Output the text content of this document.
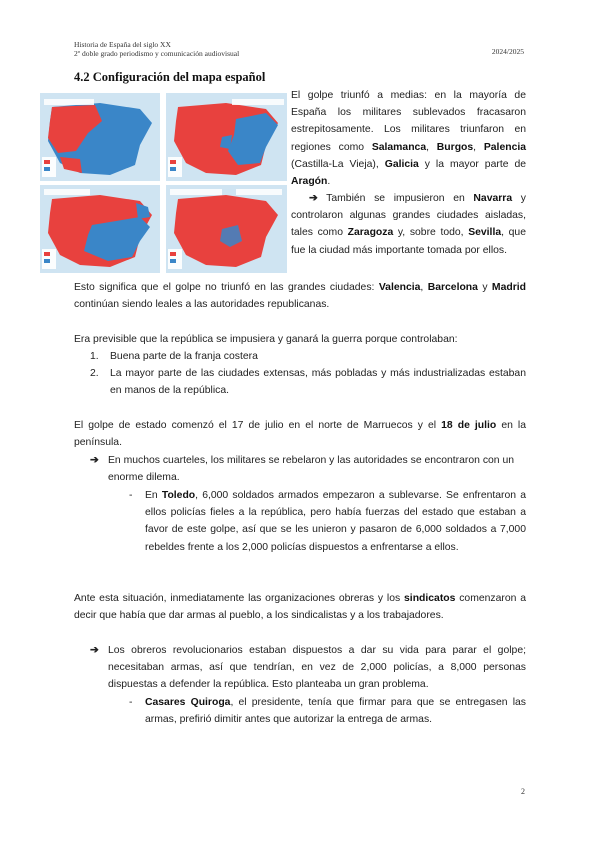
Historia de España del siglo XX
2º doble grado periodismo y comunicación audiovisual	2024/2025
4.2 Configuración del mapa español
El golpe triunfó a medias: en la mayoría de España los militares sublevados fracasaron estrepitosamente. Los militares triunfaron en regiones como Salamanca, Burgos, Palencia (Castilla-La Vieja), Galicia y la mayor parte de Aragón.
➔ También se impusieron en Navarra y controlaron algunas grandes ciudades aisladas, tales como Zaragoza y, sobre todo, Sevilla, que fue la ciudad más importante tomada por ellos.
Esto significa que el golpe no triunfó en las grandes ciudades: Valencia, Barcelona y Madrid continúan siendo leales a las autoridades republicanas.
Era previsible que la república se impusiera y ganará la guerra porque controlaban:
1. Buena parte de la franja costera
2. La mayor parte de las ciudades extensas, más pobladas y más industrializadas estaban en manos de la república.
El golpe de estado comenzó el 17 de julio en el norte de Marruecos y el 18 de julio en la península.
➔ En muchos cuarteles, los militares se rebelaron y las autoridades se encontraron con un enorme dilema.
- En Toledo, 6,000 soldados armados empezaron a sublevarse. Se enfrentaron a ellos policías fieles a la república, pero había fuerzas del estado que estaban a favor de este golpe, así que se les unieron y pasaron de 6,000 soldados a 7,000 rebeldes frente a los 2,000 policías dispuestos a enfrentarse a ellos.
Ante esta situación, inmediatamente las organizaciones obreras y los sindicatos comenzaron a decir que había que dar armas al pueblo, a los sindicalistas y a los trabajadores.
➔ Los obreros revolucionarios estaban dispuestos a dar su vida para parar el golpe; necesitaban armas, así que tendrían, en vez de 2,000 policías, a 8,000 personas dispuestas a defender la república. Esto planteaba un gran problema.
- Casares Quiroga, el presidente, tenía que firmar para que se entregasen las armas, prefirió dimitir antes que autorizar la entrega de armas.
2
